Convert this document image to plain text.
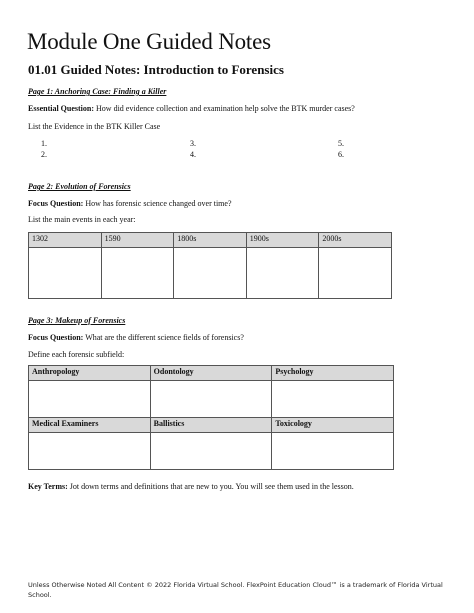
Module One Guided Notes
01.01 Guided Notes: Introduction to Forensics
Page 1: Anchoring Case: Finding a Killer
Essential Question: How did evidence collection and examination help solve the BTK murder cases?
List the Evidence in the BTK Killer Case
1.
2.
3.
4.
5.
6.
Page 2: Evolution of Forensics
Focus Question: How has forensic science changed over time?
List the main events in each year:
1302	1590	1800s	1900s	2000s

Page 3: Makeup of Forensics
Focus Question: What are the different science fields of forensics?
Define each forensic subfield:
Anthropology	Odontology	Psychology

Medical Examiners	Ballistics	Toxicology

Key Terms: Jot down terms and definitions that are new to you. You will see them used in the lesson.
Unless Otherwise Noted All Content © 2022 Florida Virtual School. FlexPoint Education Cloud™ is a trademark of Florida Virtual School.
